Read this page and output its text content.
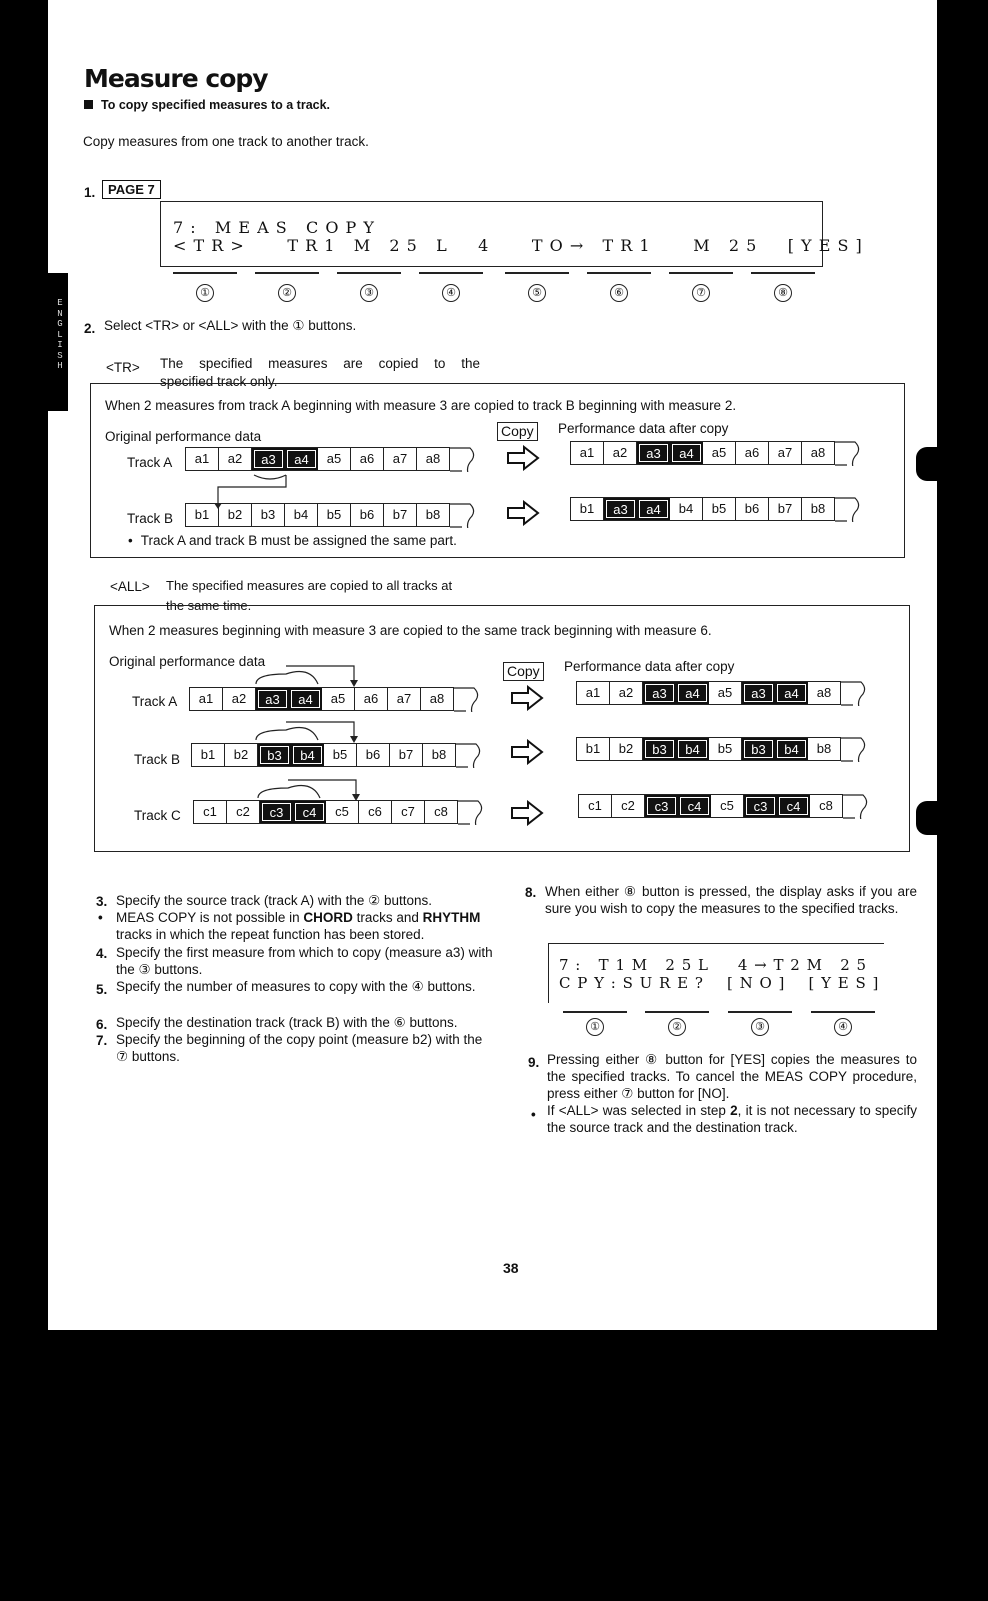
E
N
G
L
I
S
H
Measure copy
To copy specified measures to a track.
Copy measures from one track to another track.
1. PAGE 7

7 :   M E A S   C O P Y

< T R >       T R 1   M   2 5   L     4       T O →   T R 1       M   2 5     [ Y E S ]

①	②	③	④	⑤	⑥	⑦	⑧
2. Select <TR> or <ALL> with the ① buttons.
<TR> The specified measures are copied to the
specified track only.
When 2 measures from track A beginning with measure 3 are copied to track B beginning with measure 2.
Original performance data	Copy Performance data after copy
Track A
Track B
• Track A and track B must be assigned the same part.
a1	a2	a3	a4	a5	a6	a7	a8
b1	b2	b3	b4	b5	b6	b7	b8
a1	a2	a3	a4	a5	a6	a7	a8
b1	a3	a4	b4	b5	b6	b7	b8
<ALL> The specified measures are copied to all tracks at
the same time.
When 2 measures beginning with measure 3 are copied to the same track beginning with measure 6.
Original performance data
Copy Performance data after copy
Track A
Track B
Track C
a1	a2	a3	a4	a5	a6	a7	a8
b1	b2	b3	b4	b5	b6	b7	b8
c1	c2	c3	c4	c5	c6	c7	c8
a1	a2	a3	a4	a5	a3	a4	a8
b1	b2	b3	b4	b5	b3	b4	b8
c1	c2	c3	c4	c5	c3	c4	c8
3. Specify the source track (track A) with the ② buttons.
• MEAS COPY is not possible in CHORD tracks and RHYTHM
tracks in which the repeat function has been stored.
4. Specify the first measure from which to copy (measure a3) with the ③ buttons.
5. Specify the number of measures to copy with the ④ buttons.
6. Specify the destination track (track B) with the ⑥ buttons.
7. Specify the beginning of the copy point (measure b2) with the ⑦ buttons.
8. When either ⑧ button is pressed, the display asks if you are sure you wish to copy the measures to the specified tracks.

7 :   T 1 M   2 5 L     4 → T 2 M   2 5

C P Y : S U R E ?    [ N O ]    [ Y E S ]

①	②	③	④
9. Pressing either ⑧ button for [YES] copies the measures to the specified tracks. To cancel the MEAS COPY procedure, press either ⑦ button for [NO].
• If <ALL> was selected in step 2, it is not necessary to specify the source track and the destination track.
38
